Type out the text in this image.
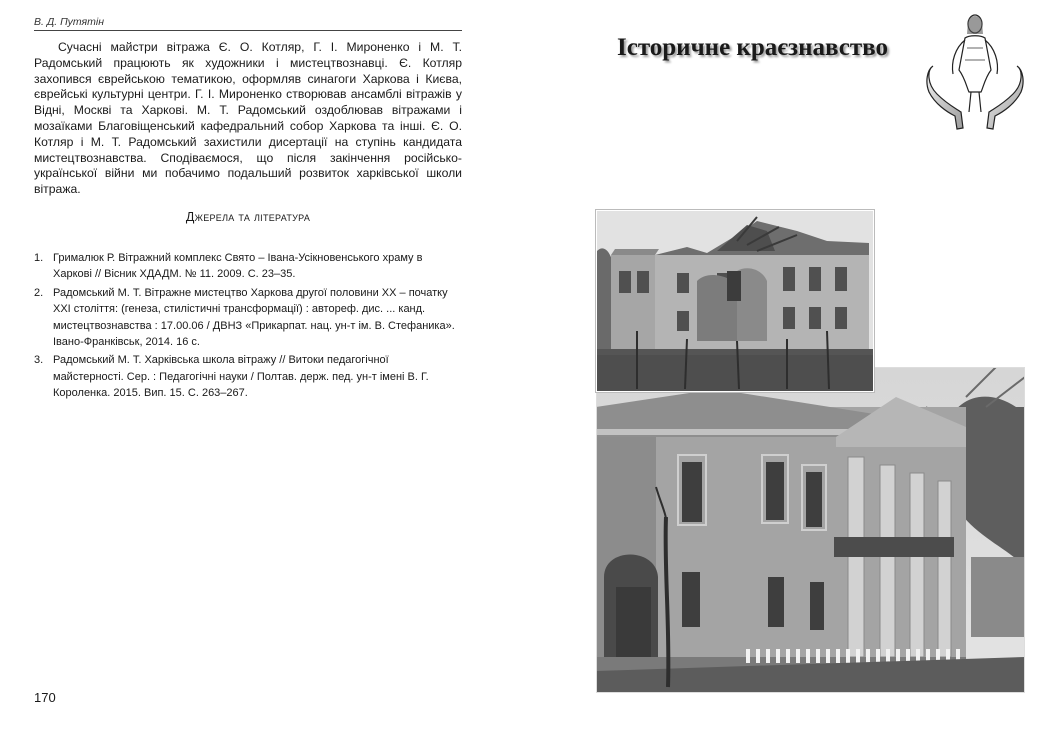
В. Д. Путятін

Сучасні майстри вітража Є. О. Котляр, Г. І. Мироненко і М. Т. Радомський працюють як художники і мистецтвознавці. Є. Котляр захопився єврейською тематикою, оформляв синагоги Харкова і Києва, єврейські культурні центри. Г. І. Мироненко створював ансамблі вітражів у Відні, Москві та Харкові. М. Т. Радомський оздоблював вітражами і мозаїками Благовіщенський кафедральний собор Харкова та інші. Є. О. Котляр і М. Т. Радомський захистили дисертації на ступінь кандидата мистецтвознавства. Сподіваємося, що після закінчення російсько-української війни ми побачимо подальший розвиток харківської школи вітража.

Джерела та література
1. Грималюк Р. Вітражний комплекс Свято – Івана-Усікновенського храму в Харкові // Вісник ХДАДМ. № 11. 2009. С. 23–35.
2. Радомський М. Т. Вітражне мистецтво Харкова другої половини ХХ – початку ХХІ століття: (генеза, стилістичні трансформації) : автореф. дис. ... канд. мистецтвознавства : 17.00.06 / ДВНЗ «Прикарпат. нац. ун-т ім. В. Стефаника». Івано-Франківськ, 2014. 16 с.
3. Радомський М. Т. Харківська школа вітражу // Витоки педагогічної майстерності. Сер. : Педагогічні науки / Полтав. держ. пед. ун-т імені В. Г. Короленка. 2015. Вип. 15. С. 263–267.
170
Історичне краєзнавство
